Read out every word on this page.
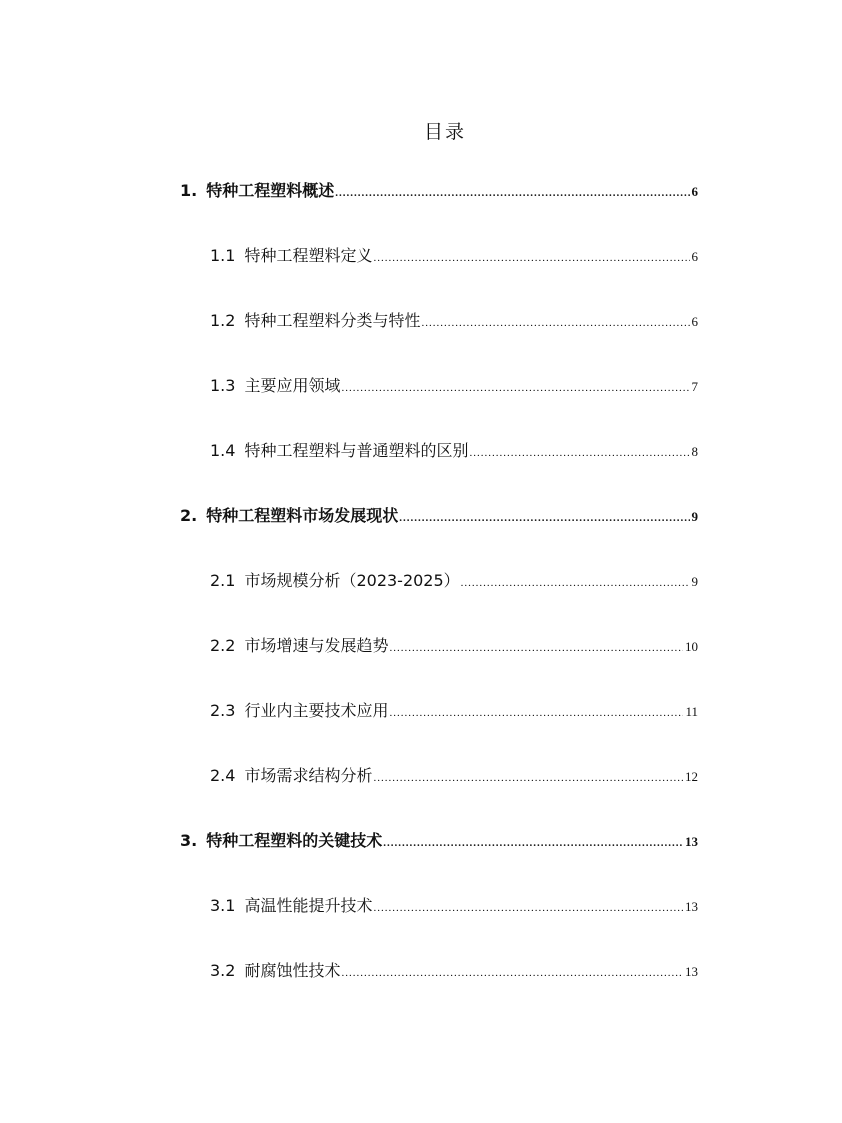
目录
1. 特种工程塑料概述 .....	6
1.1 特种工程塑料定义 .....	6
1.2 特种工程塑料分类与特性 .....	6
1.3 主要应用领域 .....	7
1.4 特种工程塑料与普通塑料的区别 .....	8
2. 特种工程塑料市场发展现状 .....	9
2.1 市场规模分析（2023-2025） .....	9
2.2 市场增速与发展趋势 .....	10
2.3 行业内主要技术应用 .....	11
2.4 市场需求结构分析 .....	12
3. 特种工程塑料的关键技术 .....	13
3.1 高温性能提升技术 .....	13
3.2 耐腐蚀性技术 .....	13
